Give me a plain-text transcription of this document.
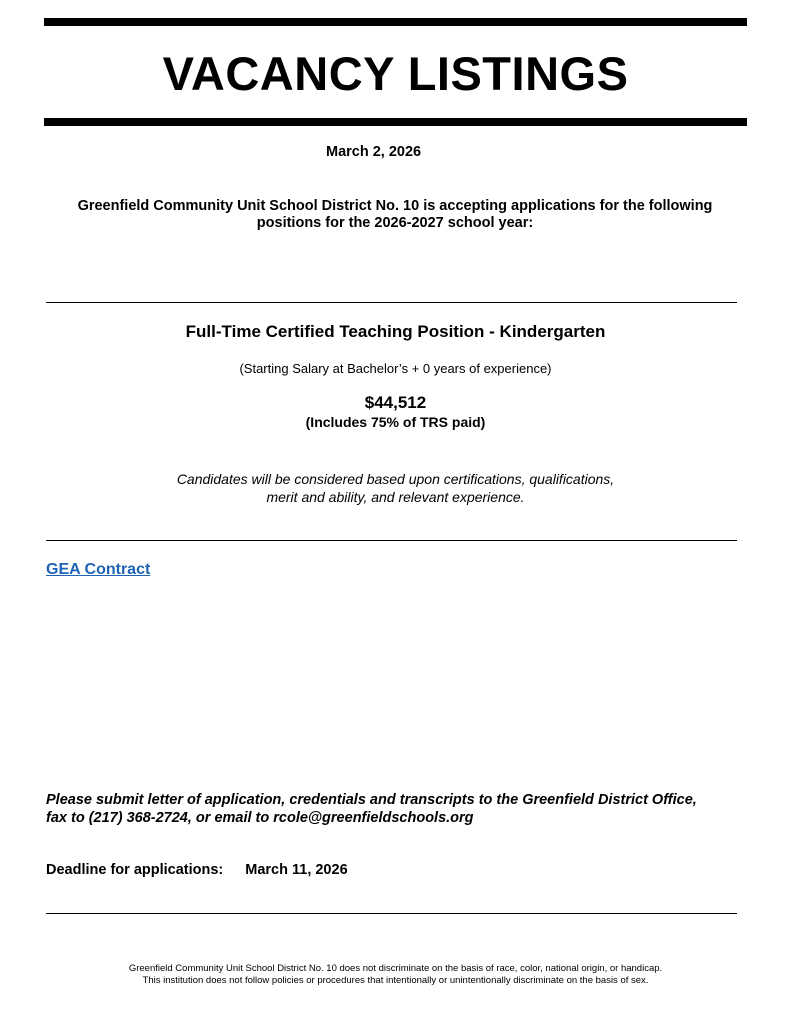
VACANCY LISTINGS
March 2, 2026
Greenfield Community Unit School District No. 10 is accepting applications for the following
positions for the 2026-2027 school year:
Full-Time Certified Teaching Position - Kindergarten
(Starting Salary at Bachelor’s + 0 years of experience)
$44,512
(Includes 75% of TRS paid)
Candidates will be considered based upon certifications, qualifications,
merit and ability, and relevant experience.
GEA Contract
Please submit letter of application, credentials and transcripts to the Greenfield District Office,
fax to (217) 368-2724, or email to rcole@greenfieldschools.org
Deadline for applications: March 11, 2026
Greenfield Community Unit School District No. 10 does not discriminate on the basis of race, color, national origin, or handicap.
This institution does not follow policies or procedures that intentionally or unintentionally discriminate on the basis of sex.
